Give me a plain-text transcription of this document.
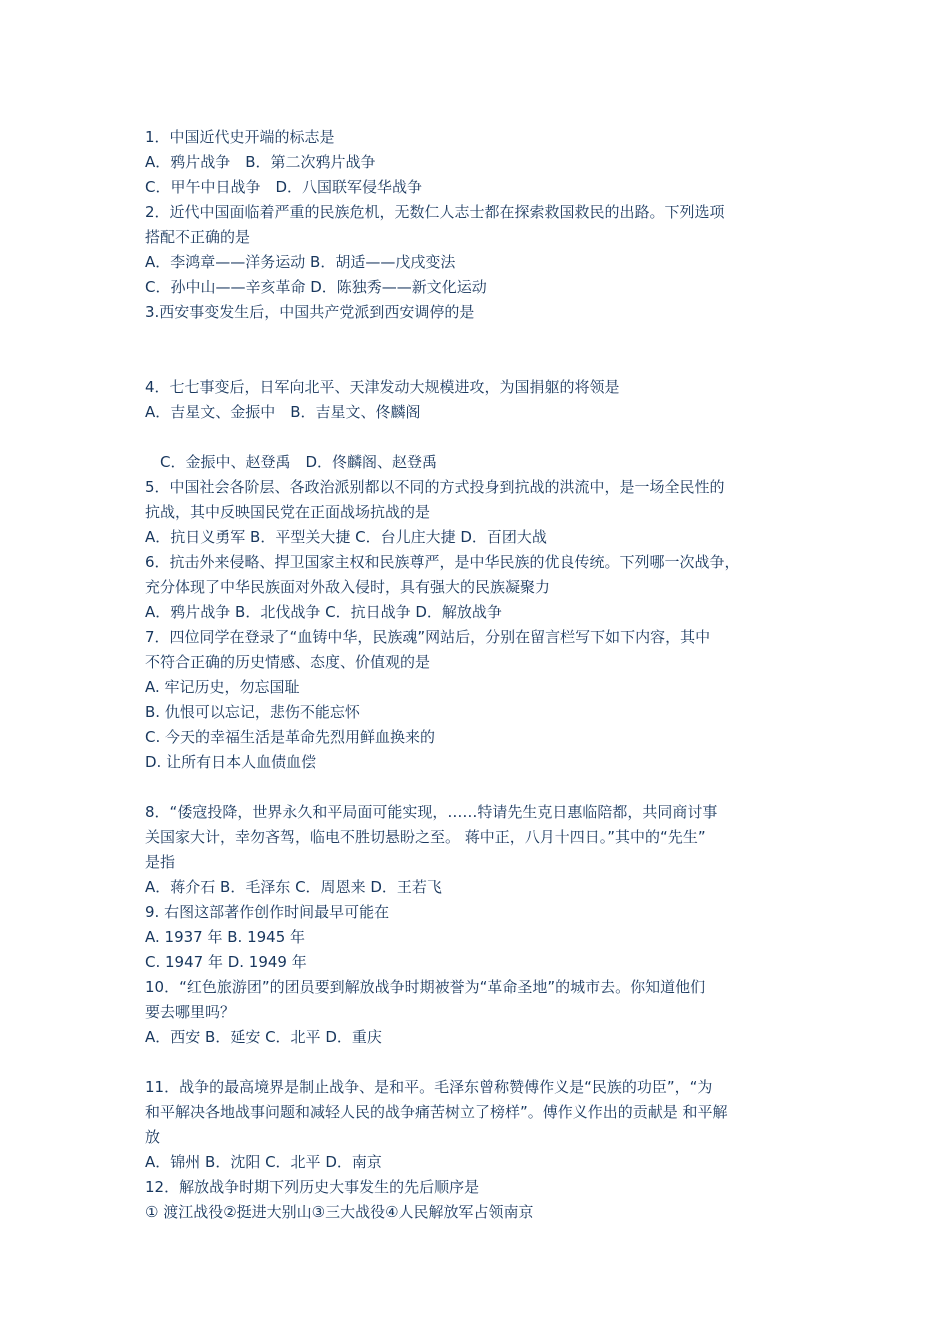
1．中国近代史开端的标志是
A．鸦片战争　B．第二次鸦片战争
C．甲午中日战争　D．八国联军侵华战争
2．近代中国面临着严重的民族危机，无数仁人志士都在探索救国救民的出路。下列选项
搭配不正确的是
A．李鸿章——洋务运动 B．胡适——戊戌变法
C．孙中山——辛亥革命 D．陈独秀——新文化运动
3.西安事变发生后，中国共产党派到西安调停的是
4．七七事变后，日军向北平、天津发动大规模进攻，为国捐躯的将领是
A．吉星文、金振中　B．吉星文、佟麟阁
C．金振中、赵登禹　D．佟麟阁、赵登禹
5．中国社会各阶层、各政治派别都以不同的方式投身到抗战的洪流中，是一场全民性的
抗战，其中反映国民党在正面战场抗战的是
A．抗日义勇军 B．平型关大捷 C．台儿庄大捷 D．百团大战
6．抗击外来侵略、捍卫国家主权和民族尊严，是中华民族的优良传统。下列哪一次战争，
充分体现了中华民族面对外敌入侵时，具有强大的民族凝聚力
A．鸦片战争 B．北伐战争 C．抗日战争 D．解放战争
7．四位同学在登录了“血铸中华，民族魂”网站后，分别在留言栏写下如下内容，其中
不符合正确的历史情感、态度、价值观的是
A. 牢记历史，勿忘国耻
B. 仇恨可以忘记，悲伤不能忘怀
C. 今天的幸福生活是革命先烈用鲜血换来的
D. 让所有日本人血债血偿
8．“倭寇投降，世界永久和平局面可能实现，……特请先生克日惠临陪都，共同商讨事
关国家大计，幸勿吝驾，临电不胜切悬盼之至。 蒋中正，八月十四日。”其中的“先生”
是指
A．蒋介石 B．毛泽东 C．周恩来 D．王若飞
9. 右图这部著作创作时间最早可能在
A. 1937 年 B. 1945 年
C. 1947 年 D. 1949 年
10．“红色旅游团”的团员要到解放战争时期被誉为“革命圣地”的城市去。你知道他们
要去哪里吗？
A．西安 B．延安 C．北平 D．重庆
11．战争的最高境界是制止战争、是和平。毛泽东曾称赞傅作义是“民族的功臣”，“为
和平解决各地战事问题和减轻人民的战争痛苦树立了榜样”。傅作义作出的贡献是 和平解
放
A．锦州 B．沈阳 C．北平 D．南京
12．解放战争时期下列历史大事发生的先后顺序是
① 渡江战役②挺进大别山③三大战役④人民解放军占领南京
